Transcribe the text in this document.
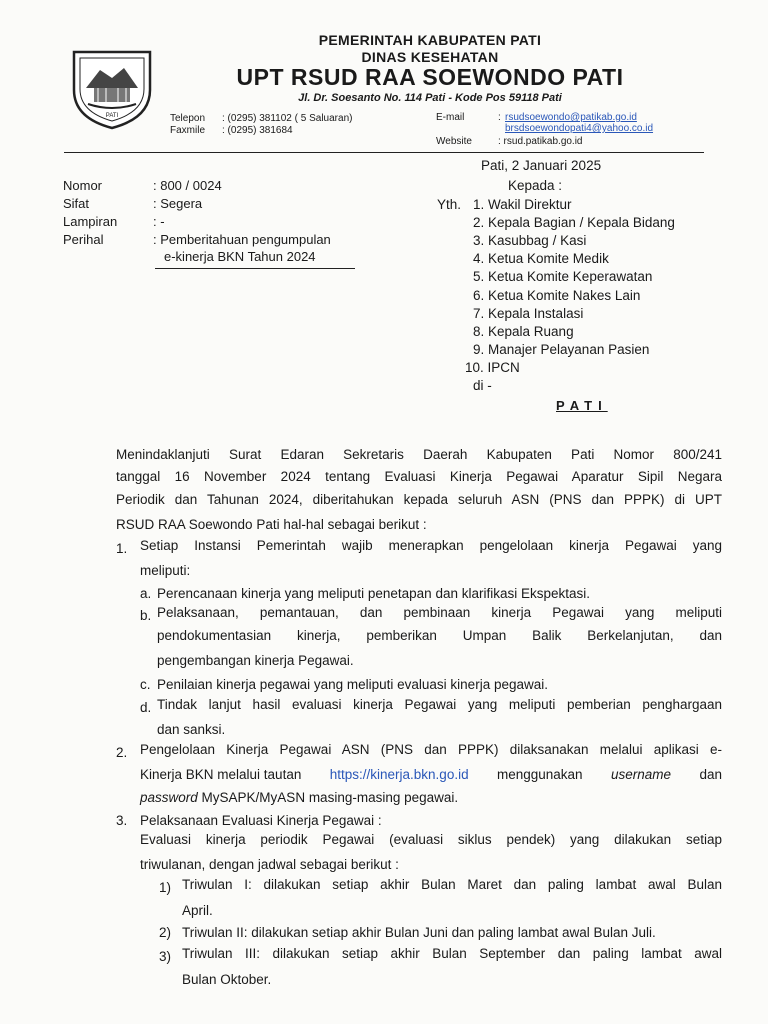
PATI
PEMERINTAH KABUPATEN PATI
DINAS KESEHATAN
UPT RSUD RAA SOEWONDO PATI
Jl. Dr. Soesanto No. 114 Pati - Kode Pos 59118 Pati
Telepon : (0295) 381102 ( 5 Saluaran)
Faxmile : (0295) 381684
E-mail	: rsudsoewondo@patikab.go.id
brsdsoewondopati4@yahoo.co.id
Website	: rsud.patikab.go.id
Pati, 2 Januari 2025
Kepada :
Nomor	: 800 / 0024
Sifat	: Segera
Lampiran	: -
Perihal	: Pemberitahuan pengumpulan
e-kinerja BKN Tahun 2024
Yth. 1. Wakil Direktur
2. Kepala Bagian / Kepala Bidang
3. Kasubbag / Kasi
4. Ketua Komite Medik
5. Ketua Komite Keperawatan
6. Ketua Komite Nakes Lain
7. Kepala Instalasi
8. Kepala Ruang
9. Manajer Pelayanan Pasien
10. IPCN
di -
PATI
Menindaklanjuti Surat Edaran Sekretaris Daerah Kabupaten Pati Nomor 800/241
tanggal 16 November 2024 tentang Evaluasi Kinerja Pegawai Aparatur Sipil Negara
Periodik dan Tahunan 2024, diberitahukan kepada seluruh ASN (PNS dan PPPK) di UPT
RSUD RAA Soewondo Pati hal-hal sebagai berikut :
1. Setiap Instansi Pemerintah wajib menerapkan pengelolaan kinerja Pegawai yang
meliputi:
a. Perencanaan kinerja yang meliputi penetapan dan klarifikasi Ekspektasi.
b. Pelaksanaan, pemantauan, dan pembinaan kinerja Pegawai yang meliputi
pendokumentasian kinerja, pemberikan Umpan Balik Berkelanjutan, dan
pengembangan kinerja Pegawai.
c. Penilaian kinerja pegawai yang meliputi evaluasi kinerja pegawai.
d. Tindak lanjut hasil evaluasi kinerja Pegawai yang meliputi pemberian penghargaan
dan sanksi.
2. Pengelolaan Kinerja Pegawai ASN (PNS dan PPPK) dilaksanakan melalui aplikasi e-
Kinerja BKN melalui tautan https://kinerja.bkn.go.id menggunakan username dan
password MySAPK/MyASN masing-masing pegawai.
3. Pelaksanaan Evaluasi Kinerja Pegawai :
Evaluasi kinerja periodik Pegawai (evaluasi siklus pendek) yang dilakukan setiap
triwulanan, dengan jadwal sebagai berikut :
1) Triwulan I: dilakukan setiap akhir Bulan Maret dan paling lambat awal Bulan
April.
2) Triwulan II: dilakukan setiap akhir Bulan Juni dan paling lambat awal Bulan Juli.
3) Triwulan III: dilakukan setiap akhir Bulan September dan paling lambat awal
Bulan Oktober.
